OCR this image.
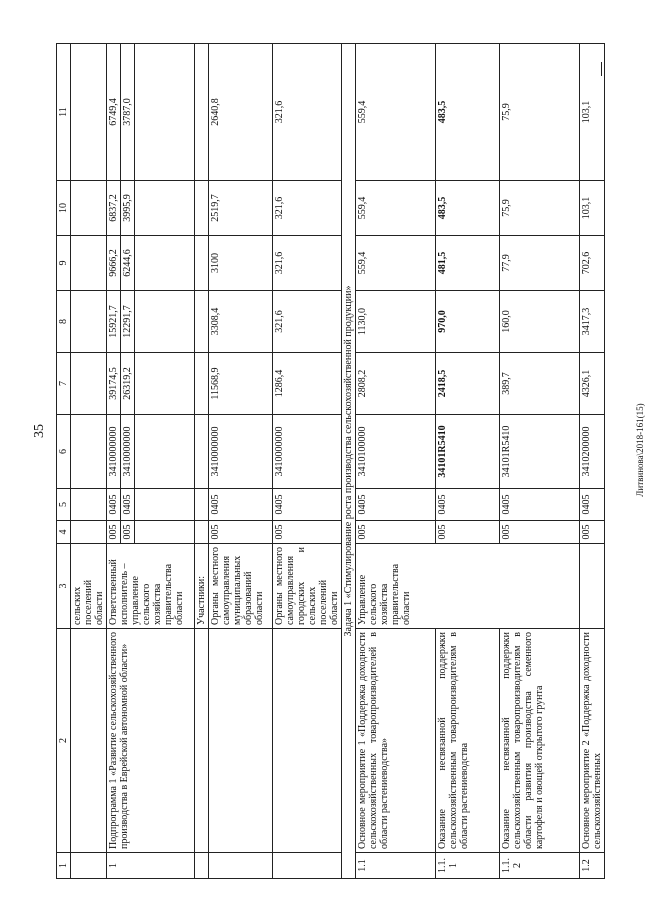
35	Литвинова\2018-161(15)
1	2	3	4	5	6	7	8	9	10	11
		сельских поселений области								
1	Подпрограмма 1 «Развитие сельскохозяйственного производства в Еврейской автономной области»	Ответственный исполнитель – управление сельского хозяйства правительства области	005	0405	3410000000	39174,5	15921,7	9666,2	6837,2	6749,4
			005	0405	3410000000	26319,2	12291,7	6244,6	3995,9	3787,0

		Участники:								
		Органы местного самоуправления муниципальных образований области	005	0405	3410000000	11568,9	3308,4	3100	2519,7	2640,8
		Органы местного самоуправления городских и сельских поселений области	005	0405	3410000000	1286,4	321,6	321,6	321,6	321,6
Задача 1 «Стимулирование роста производства сельскохозяйственной продукции»										
1.1	Основное мероприятие 1 «Поддержка доходности сельскохозяйственных товаропроизводителей в области растениеводства»	Управление сельского хозяйства правительства области	005	0405	3410100000	2808,2	1130,0	559,4	559,4	559,4
1.1.1	Оказание несвязанной поддержки сельскохозяйственным товаропроизводителям в области растениеводства		005	0405	34101R5410	2418,5	970,0	481,5	483,5	483,5
1.1.2	Оказание несвязанной поддержки сельскохозяйственным товаропроизводителям в области развития производства семенного картофеля и овощей открытого грунта		005	0405	34101R5410	389,7	160,0	77,9	75,9	75,9
1.2	Основное мероприятие 2 «Поддержка доходности сельскохозяйственных		005	0405	3410200000	4326,1	3417,3	702,6	103,1	103,1
